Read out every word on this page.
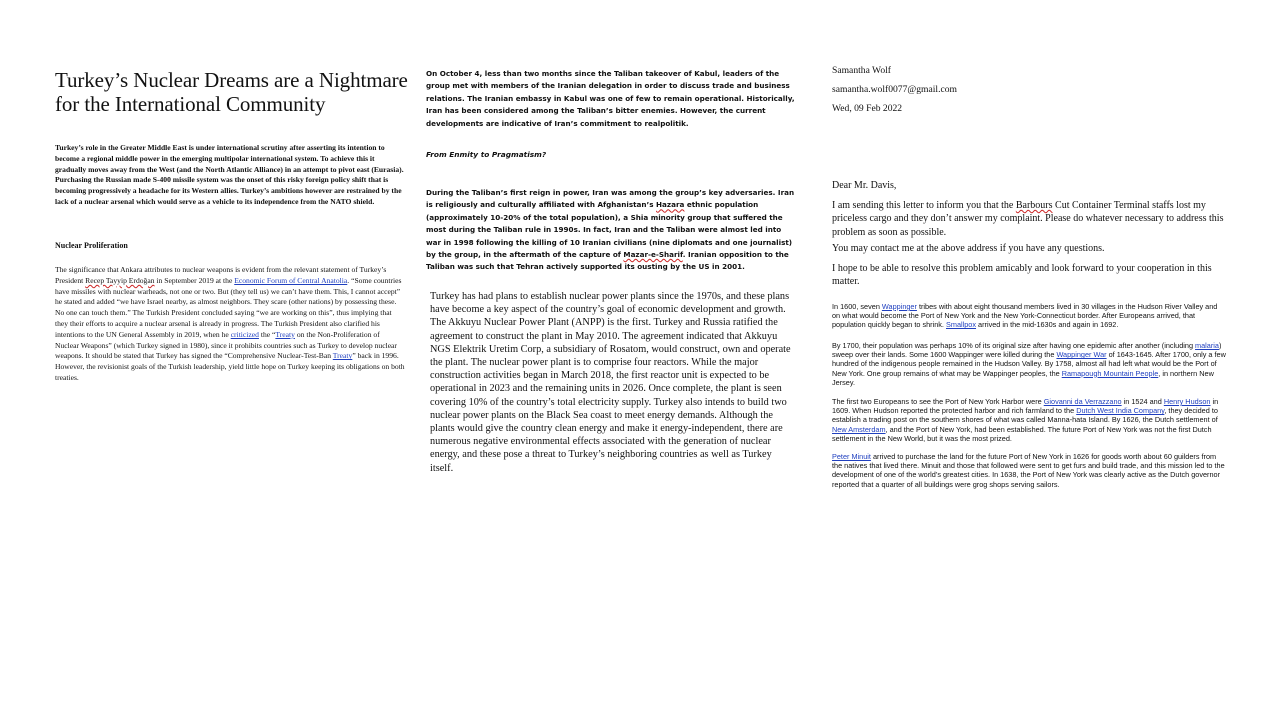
Turkey’s Nuclear Dreams are a Nightmare for the International Community

Turkey’s role in the Greater Middle East is under international scrutiny after asserting its intention to become a regional middle power in the emerging multipolar international system. To achieve this it gradually moves away from the West (and the North Atlantic Alliance) in an attempt to pivot east (Eurasia). Purchasing the Russian made S-400 missile system was the onset of this risky foreign policy shift that is becoming progressively a headache for its Western allies. Turkey’s ambitions however are restrained by the lack of a nuclear arsenal which would serve as a vehicle to its independence from the NATO shield.

Nuclear Proliferation

The significance that Ankara attributes to nuclear weapons is evident from the relevant statement of Turkey’s President Recep Tayyip Erdoğan in September 2019 at the Economic Forum of Central Anatolia. “Some countries have missiles with nuclear warheads, not one or two. But (they tell us) we can’t have them. This, I cannot accept” he stated and added “we have Israel nearby, as almost neighbors. They scare (other nations) by possessing these. No one can touch them.” The Turkish President concluded saying “we are working on this”, thus implying that they their efforts to acquire a nuclear arsenal is already in progress. The Turkish President also clarified his intentions to the UN General Assembly in 2019, when he criticized the “Treaty on the Non-Proliferation of Nuclear Weapons” (which Turkey signed in 1980), since it prohibits countries such as Turkey to develop nuclear weapons. It should be stated that Turkey has signed the “Comprehensive Nuclear-Test-Ban Treaty” back in 1996. However, the revisionist goals of the Turkish leadership, yield little hope on Turkey keeping its obligations on both treaties.

On October 4, less than two months since the Taliban takeover of Kabul, leaders of the group met with members of the Iranian delegation in order to discuss trade and business relations. The Iranian embassy in Kabul was one of few to remain operational. Historically, Iran has been considered among the Taliban’s bitter enemies. However, the current developments are indicative of Iran’s commitment to realpolitik.

From Enmity to Pragmatism?

During the Taliban’s first reign in power, Iran was among the group’s key adversaries. Iran is religiously and culturally affiliated with Afghanistan’s Hazara ethnic population (approximately 10-20% of the total population), a Shia minority group that suffered the most during the Taliban rule in 1990s. In fact, Iran and the Taliban were almost led into war in 1998 following the killing of 10 Iranian civilians (nine diplomats and one journalist) by the group, in the aftermath of the capture of Mazar-e-Sharif. Iranian opposition to the Taliban was such that Tehran actively supported its ousting by the US in 2001.

Turkey has had plans to establish nuclear power plants since the 1970s, and these plans have become a key aspect of the country’s goal of economic development and growth. The Akkuyu Nuclear Power Plant (ANPP) is the first. Turkey and Russia ratified the agreement to construct the plant in May 2010. The agreement indicated that Akkuyu NGS Elektrik Uretim Corp, a subsidiary of Rosatom, would construct, own and operate the plant. The nuclear power plant is to comprise four reactors. While the major construction activities began in March 2018, the first reactor unit is expected to be operational in 2023 and the remaining units in 2026. Once complete, the plant is seen covering 10% of the country’s total electricity supply. Turkey also intends to build two nuclear power plants on the Black Sea coast to meet energy demands. Although the plants would give the country clean energy and make it energy-independent, there are numerous negative environmental effects associated with the generation of nuclear energy, and these pose a threat to Turkey’s neighboring countries as well as Turkey itself.

Samantha Wolf

samantha.wolf0077@gmail.com

Wed, 09 Feb 2022

Dear Mr. Davis,

I am sending this letter to inform you that the Barbours Cut Container Terminal staffs lost my priceless cargo and they don’t answer my complaint. Please do whatever necessary to address this problem as soon as possible.

You may contact me at the above address if you have any questions.

I hope to be able to resolve this problem amicably and look forward to your cooperation in this matter.

In 1600, seven Wappinger tribes with about eight thousand members lived in 30 villages in the Hudson River Valley and on what would become the Port of New York and the New York-Connecticut border. After Europeans arrived, that population quickly began to shrink. Smallpox arrived in the mid-1630s and again in 1692.

By 1700, their population was perhaps 10% of its original size after having one epidemic after another (including malaria) sweep over their lands. Some 1600 Wappinger were killed during the Wappinger War of 1643-1645. After 1700, only a few hundred of the indigenous people remained in the Hudson Valley. By 1758, almost all had left what would be the Port of New York. One group remains of what may be Wappinger peoples, the Ramapough Mountain People, in northern New Jersey.

The first two Europeans to see the Port of New York Harbor were Giovanni da Verrazzano in 1524 and Henry Hudson in 1609. When Hudson reported the protected harbor and rich farmland to the Dutch West India Company, they decided to establish a trading post on the southern shores of what was called Manna-hata Island. By 1626, the Dutch settlement of New Amsterdam, and the Port of New York, had been established. The future Port of New York was not the first Dutch settlement in the New World, but it was the most prized.

Peter Minuit arrived to purchase the land for the future Port of New York in 1626 for goods worth about 60 guilders from the natives that lived there. Minuit and those that followed were sent to get furs and build trade, and this mission led to the development of one of the world’s greatest cities. In 1638, the Port of New York was clearly active as the Dutch governor reported that a quarter of all buildings were grog shops serving sailors.
